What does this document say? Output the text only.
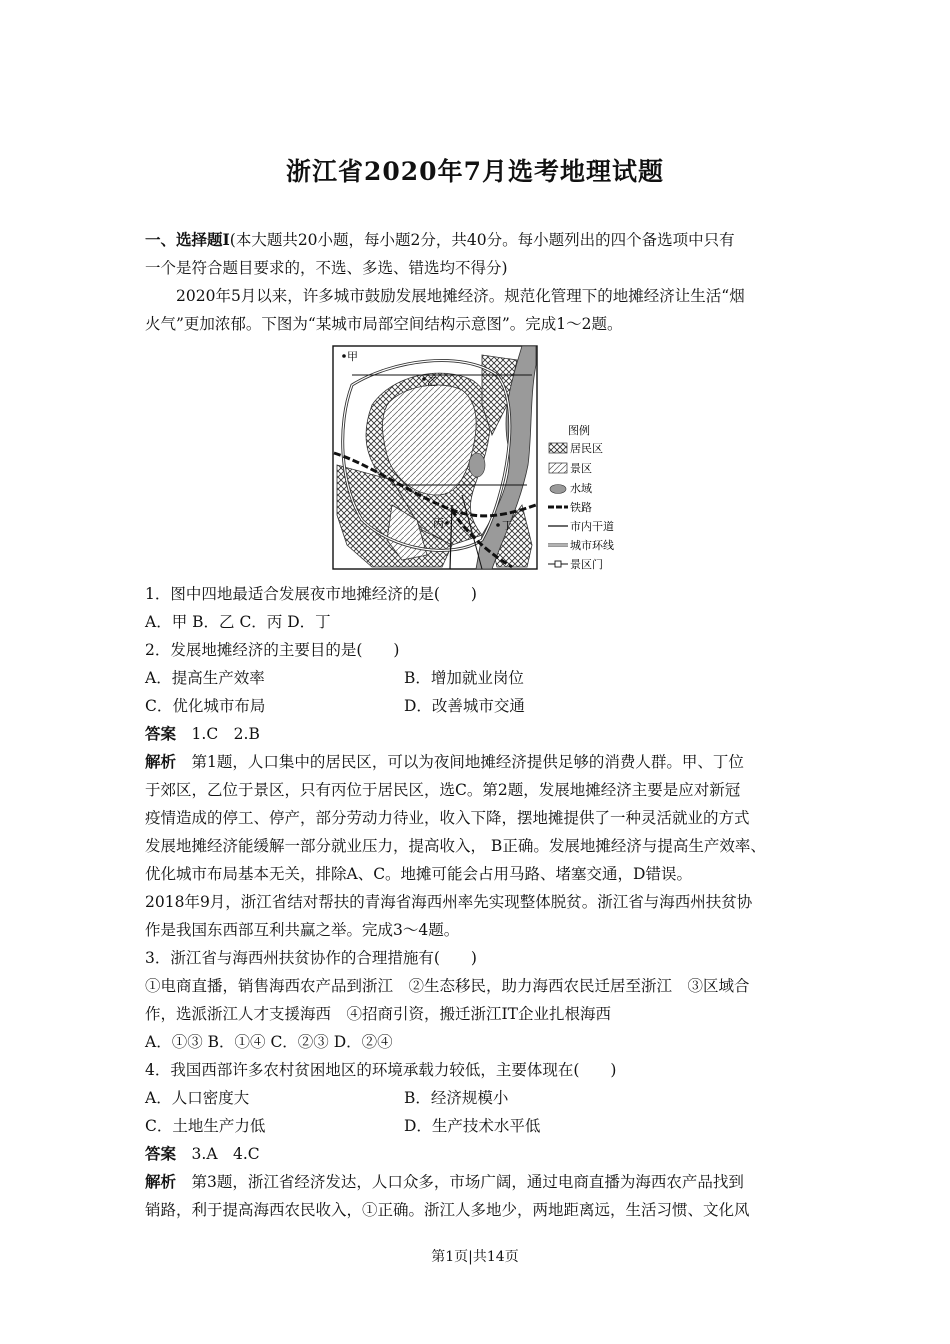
浙江省2020年7月选考地理试题
一、选择题Ⅰ(本大题共20小题，每小题2分，共40分。每小题列出的四个备选项中只有
一个是符合题目要求的，不选、多选、错选均不得分)
2020年5月以来，许多城市鼓励发展地摊经济。规范化管理下的地摊经济让生活“烟
火气”更加浓郁。下图为“某城市局部空间结构示意图”。完成1～2题。
甲
乙
丙	丁
图例
居民区
景区
水域
铁路
市内干道
城市环线
景区门
1．图中四地最适合发展夜市地摊经济的是(　　)
A．甲 B．乙 C．丙 D．丁
2．发展地摊经济的主要目的是(　　)
A．提高生产效率	B．增加就业岗位
C．优化城市布局	D．改善城市交通
答案　 1.C　2.B
解析　 第1题，人口集中的居民区，可以为夜间地摊经济提供足够的消费人群。甲、丁位
于郊区，乙位于景区，只有丙位于居民区，选C。第2题，发展地摊经济主要是应对新冠
疫情造成的停工、停产，部分劳动力待业，收入下降，摆地摊提供了一种灵活就业的方式
发展地摊经济能缓解一部分就业压力，提高收入， B正确。发展地摊经济与提高生产效率、
优化城市布局基本无关，排除A、C。地摊可能会占用马路、堵塞交通，D错误。
2018年9月，浙江省结对帮扶的青海省海西州率先实现整体脱贫。浙江省与海西州扶贫协
作是我国东西部互利共赢之举。完成3～4题。
3．浙江省与海西州扶贫协作的合理措施有(　　)
①电商直播，销售海西农产品到浙江　②生态移民，助力海西农民迁居至浙江　③区域合
作，选派浙江人才支援海西　④招商引资，搬迁浙江IT企业扎根海西
A．①③ B．①④ C．②③ D．②④
4．我国西部许多农村贫困地区的环境承载力较低，主要体现在(　　)
A．人口密度大	B．经济规模小
C．土地生产力低	D．生产技术水平低
答案　 3.A　4.C
解析　 第3题，浙江省经济发达，人口众多，市场广阔，通过电商直播为海西农产品找到
销路，利于提高海西农民收入，①正确。浙江人多地少，两地距离远，生活习惯、文化风
第1页|共14页
